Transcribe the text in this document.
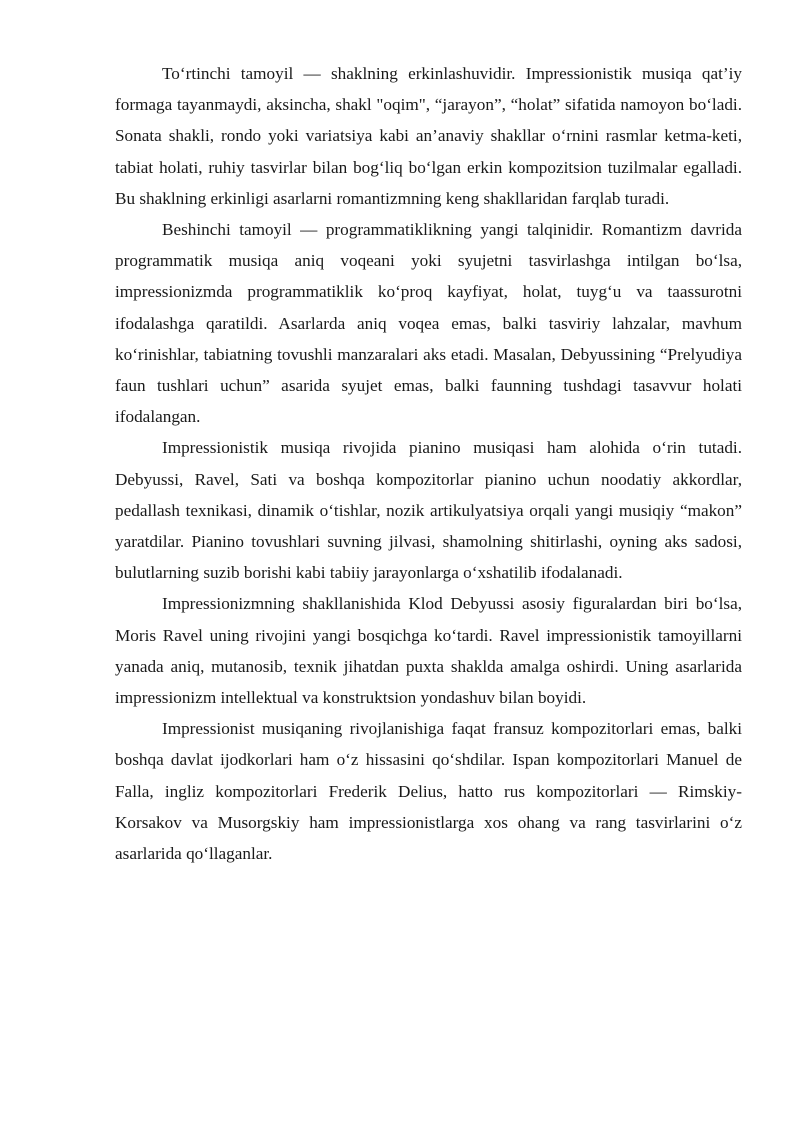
To‘rtinchi tamoyil — shaklning erkinlashuvidir. Impressionistik musiqa qat’iy formaga tayanmaydi, aksincha, shakl "oqim", “jarayon”, “holat” sifatida namoyon bo‘ladi. Sonata shakli, rondo yoki variatsiya kabi an’anaviy shakllar o‘rnini rasmlar ketma-keti, tabiat holati, ruhiy tasvirlar bilan bog‘liq bo‘lgan erkin kompozitsion tuzilmalar egalladi. Bu shaklning erkinligi asarlarni romantizmning keng shakllaridan farqlab turadi.

Beshinchi tamoyil — programmatiklikning yangi talqinidir. Romantizm davrida programmatik musiqa aniq voqeani yoki syujetni tasvirlashga intilgan bo‘lsa, impressionizmda programmatiklik ko‘proq kayfiyat, holat, tuyg‘u va taassurotni ifodalashga qaratildi. Asarlarda aniq voqea emas, balki tasviriy lahzalar, mavhum ko‘rinishlar, tabiatning tovushli manzaralari aks etadi. Masalan, Debyussining “Prelyudiya faun tushlari uchun” asarida syujet emas, balki faunning tushdagi tasavvur holati ifodalangan.

Impressionistik musiqa rivojida pianino musiqasi ham alohida o‘rin tutadi. Debyussi, Ravel, Sati va boshqa kompozitorlar pianino uchun noodatiy akkordlar, pedallash texnikasi, dinamik o‘tishlar, nozik artikulyatsiya orqali yangi musiqiy “makon” yaratdilar. Pianino tovushlari suvning jilvasi, shamolning shitirlashi, oyning aks sadosi, bulutlarning suzib borishi kabi tabiiy jarayonlarga o‘xshatilib ifodalanadi.

Impressionizmning shakllanishida Klod Debyussi asosiy figuralardan biri bo‘lsa, Moris Ravel uning rivojini yangi bosqichga ko‘tardi. Ravel impressionistik tamoyillarni yanada aniq, mutanosib, texnik jihatdan puxta shaklda amalga oshirdi. Uning asarlarida impressionizm intellektual va konstruktsion yondashuv bilan boyidi.

Impressionist musiqaning rivojlanishiga faqat fransuz kompozitorlari emas, balki boshqa davlat ijodkorlari ham o‘z hissasini qo‘shdilar. Ispan kompozitorlari Manuel de Falla, ingliz kompozitorlari Frederik Delius, hatto rus kompozitorlari — Rimskiy-Korsakov va Musorgskiy ham impressionistlarga xos ohang va rang tasvirlarini o‘z asarlarida qo‘llaganlar.
